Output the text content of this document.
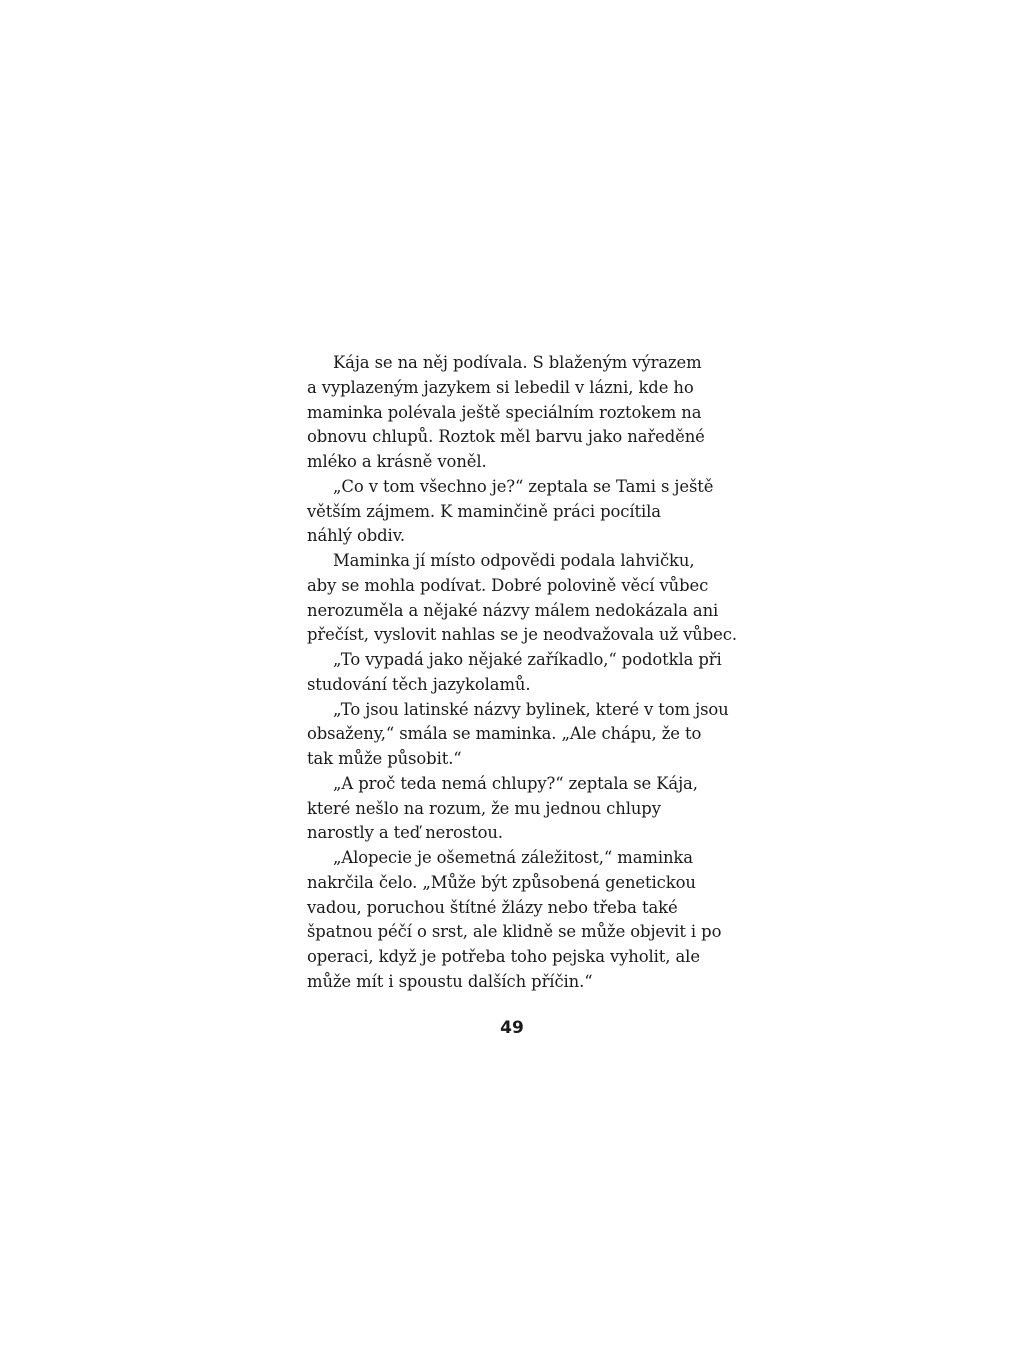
Kája se na něj podívala. S blaženým výrazem
a vyplazeným jazykem si lebedil v lázni, kde ho
maminka polévala ještě speciálním roztokem na
obnovu chlupů. Roztok měl barvu jako naředěné
mléko a krásně voněl.
„Co v tom všechno je?“ zeptala se Tami s ještě
větším zájmem. K maminčině práci pocítila
náhlý obdiv.
Maminka jí místo odpovědi podala lahvičku,
aby se mohla podívat. Dobré polovině věcí vůbec
nerozuměla a nějaké názvy málem nedokázala ani
přečíst, vyslovit nahlas se je neodvažovala už vůbec.
„To vypadá jako nějaké zaříkadlo,“ podotkla při
studování těch jazykolamů.
„To jsou latinské názvy bylinek, které v tom jsou
obsaženy,“ smála se maminka. „Ale chápu, že to
tak může působit.“
„A proč teda nemá chlupy?“ zeptala se Kája,
které nešlo na rozum, že mu jednou chlupy
narostly a teď nerostou.
„Alopecie je ošemetná záležitost,“ maminka
nakrčila čelo. „Může být způsobená genetickou
vadou, poruchou štítné žlázy nebo třeba také
špatnou péčí o srst, ale klidně se může objevit i po
operaci, když je potřeba toho pejska vyholit, ale
může mít i spoustu dalších příčin.“
49
